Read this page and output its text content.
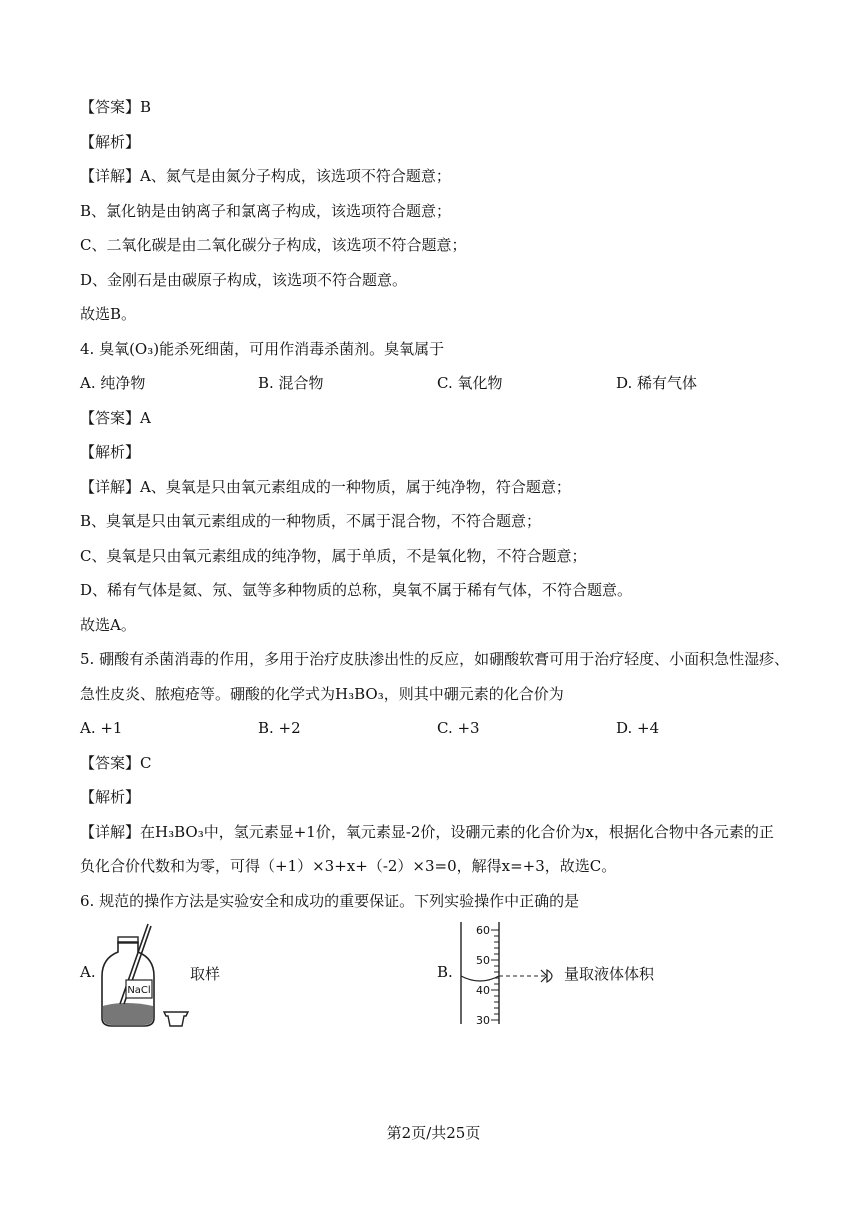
【答案】B
【解析】
【详解】A、氮气是由氮分子构成，该选项不符合题意；
B、氯化钠是由钠离子和氯离子构成，该选项符合题意；
C、二氧化碳是由二氧化碳分子构成，该选项不符合题意；
D、金刚石是由碳原子构成，该选项不符合题意。
故选B。
4. 臭氧(O₃)能杀死细菌，可用作消毒杀菌剂。臭氧属于
A. 纯净物	B. 混合物	C. 氧化物	D. 稀有气体
【答案】A
【解析】
【详解】A、臭氧是只由氧元素组成的一种物质，属于纯净物，符合题意；
B、臭氧是只由氧元素组成的一种物质，不属于混合物，不符合题意；
C、臭氧是只由氧元素组成的纯净物，属于单质，不是氧化物，不符合题意；
D、稀有气体是氦、氖、氩等多种物质的总称，臭氧不属于稀有气体，不符合题意。
故选A。
5. 硼酸有杀菌消毒的作用，多用于治疗皮肤渗出性的反应，如硼酸软膏可用于治疗轻度、小面积急性湿疹、
急性皮炎、脓疱疮等。硼酸的化学式为H₃BO₃，则其中硼元素的化合价为
A. +1	B. +2	C. +3	D. +4
【答案】C
【解析】
【详解】在H₃BO₃中，氢元素显+1价，氧元素显-2价，设硼元素的化合价为x，根据化合物中各元素的正
负化合价代数和为零，可得（+1）×3+x+（-2）×3=0，解得x=+3，故选C。
6. 规范的操作方法是实验安全和成功的重要保证。下列实验操作中正确的是
A.	取样
NaCl
B.
60
50
40
30
量取液体体积
第2页/共25页
